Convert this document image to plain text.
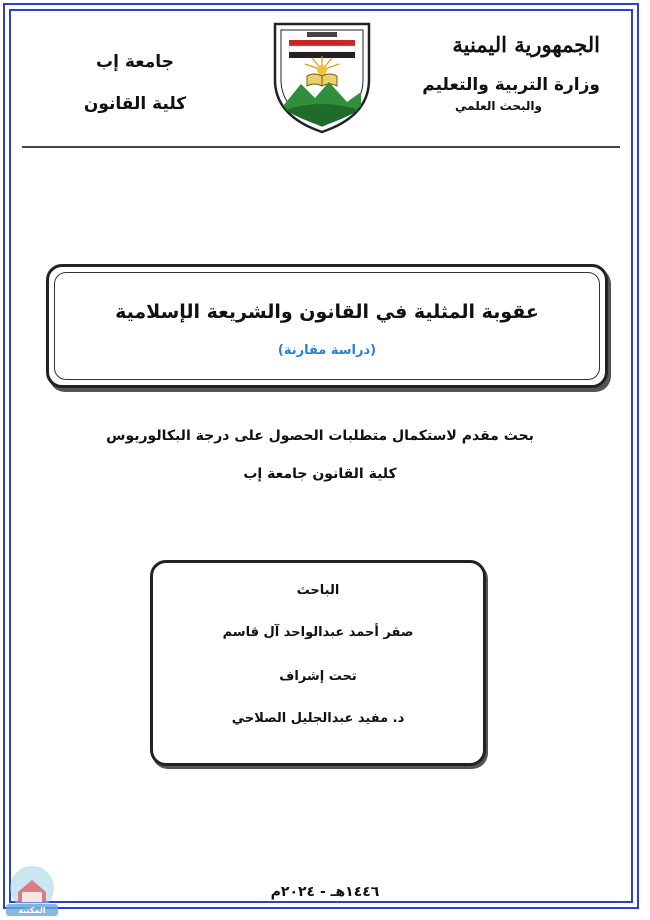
الجمهورية اليمنية
وزارة التربية والتعليم
والبحث العلمي
جامعة إب
كلية القانون
عقوبة المثلية في القانون والشريعة الإسلامية
(دراسة مقارنة)
بحث مقدم لاستكمال متطلبات الحصول على درجة البكالوريوس
كلية القانون جامعة إب
الباحث
صقر أحمد عبدالواحد آل قاسم
تحت إشراف
د. مفيد عبدالجليل الصلاحي
١٤٤٦هـ - ٢٠٢٤م
المكتبة
